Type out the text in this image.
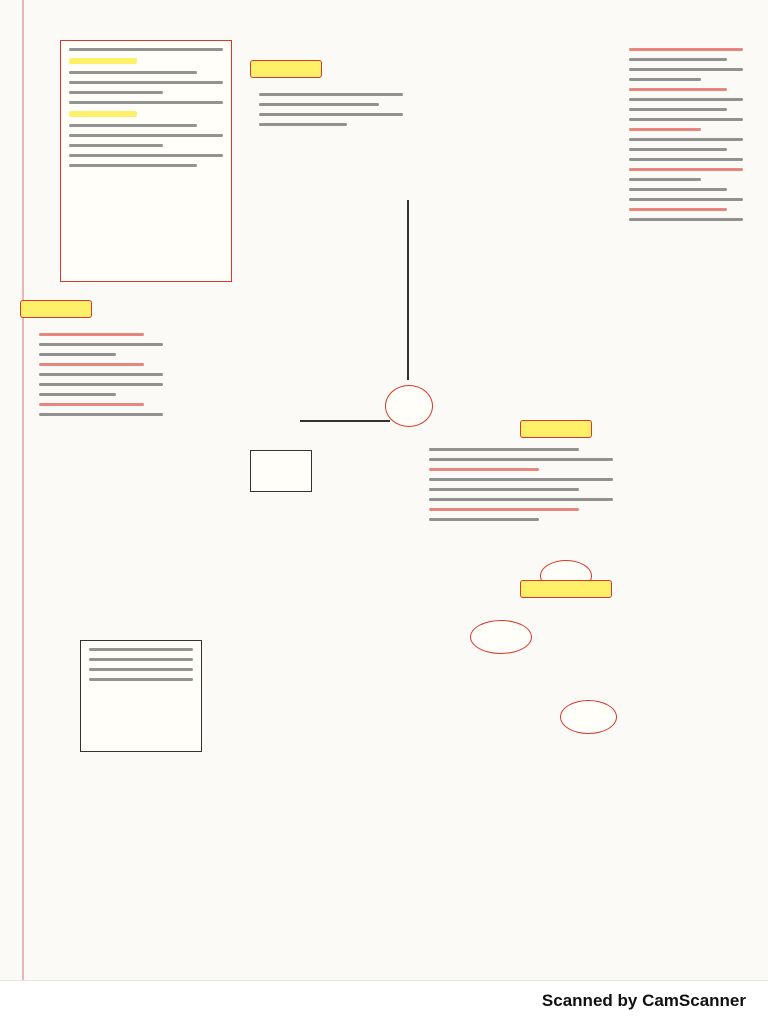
Scanned by CamScanner
